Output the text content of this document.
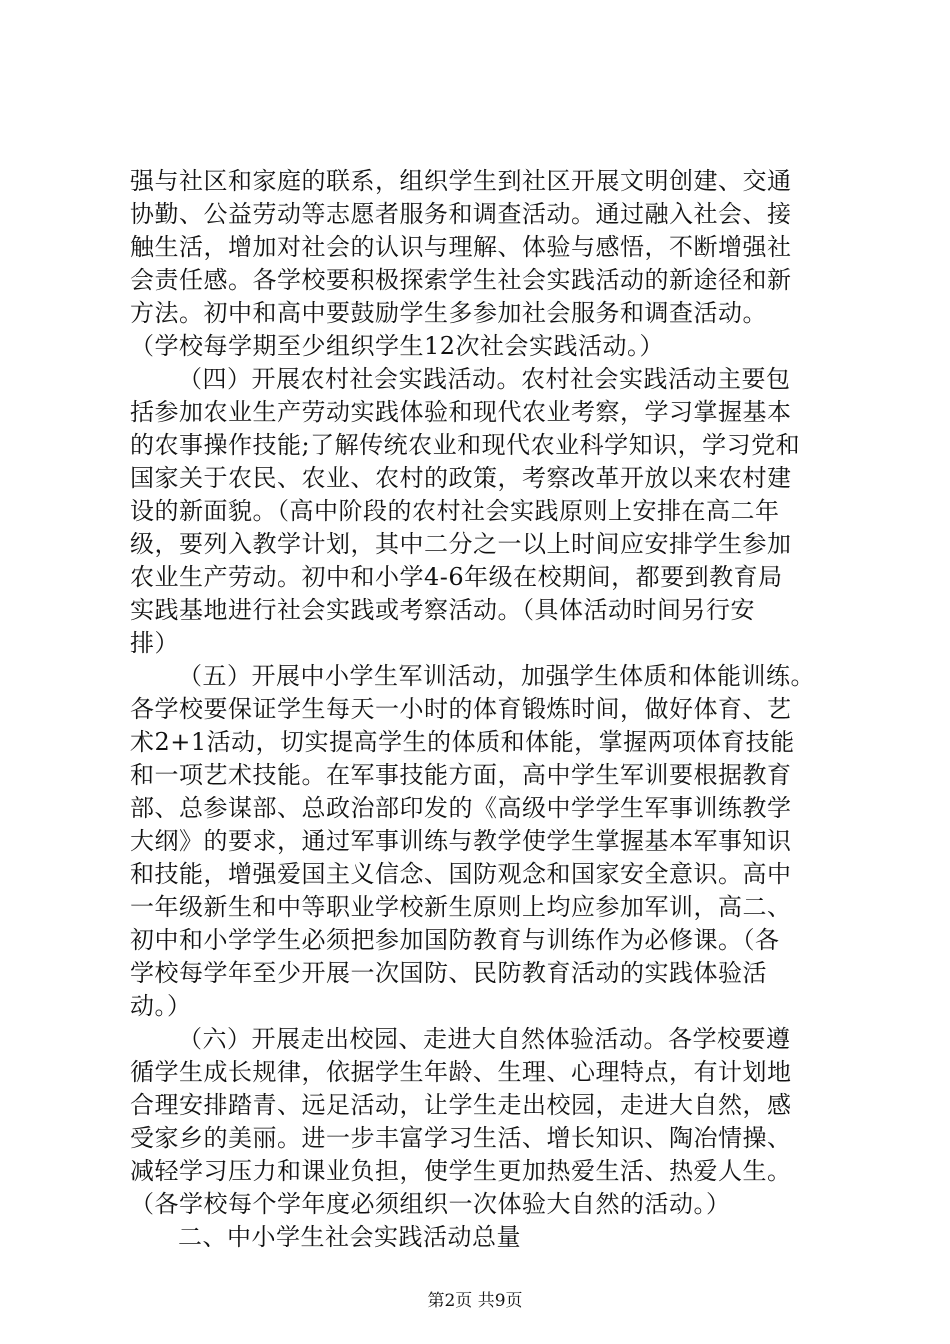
强与社区和家庭的联系，组织学生到社区开展文明创建、交通
协勤、公益劳动等志愿者服务和调查活动。通过融入社会、接
触生活，增加对社会的认识与理解、体验与感悟，不断增强社
会责任感。各学校要积极探索学生社会实践活动的新途径和新
方法。初中和高中要鼓励学生多参加社会服务和调查活动。
（学校每学期至少组织学生12次社会实践活动。）
（四）开展农村社会实践活动。农村社会实践活动主要包
括参加农业生产劳动实践体验和现代农业考察，学习掌握基本
的农事操作技能;了解传统农业和现代农业科学知识，学习党和
国家关于农民、农业、农村的政策，考察改革开放以来农村建
设的新面貌。（高中阶段的农村社会实践原则上安排在高二年
级，要列入教学计划，其中二分之一以上时间应安排学生参加
农业生产劳动。初中和小学4-6年级在校期间，都要到教育局
实践基地进行社会实践或考察活动。（具体活动时间另行安
排）
（五）开展中小学生军训活动，加强学生体质和体能训练。
各学校要保证学生每天一小时的体育锻炼时间，做好体育、艺
术2+1活动，切实提高学生的体质和体能，掌握两项体育技能
和一项艺术技能。在军事技能方面，高中学生军训要根据教育
部、总参谋部、总政治部印发的《高级中学学生军事训练教学
大纲》的要求，通过军事训练与教学使学生掌握基本军事知识
和技能，增强爱国主义信念、国防观念和国家安全意识。高中
一年级新生和中等职业学校新生原则上均应参加军训，高二、
初中和小学学生必须把参加国防教育与训练作为必修课。（各
学校每学年至少开展一次国防、民防教育活动的实践体验活
动。）
（六）开展走出校园、走进大自然体验活动。各学校要遵
循学生成长规律，依据学生年龄、生理、心理特点，有计划地
合理安排踏青、远足活动，让学生走出校园，走进大自然，感
受家乡的美丽。进一步丰富学习生活、增长知识、陶冶情操、
减轻学习压力和课业负担，使学生更加热爱生活、热爱人生。
（各学校每个学年度必须组织一次体验大自然的活动。）
二、中小学生社会实践活动总量
第2页 共9页
